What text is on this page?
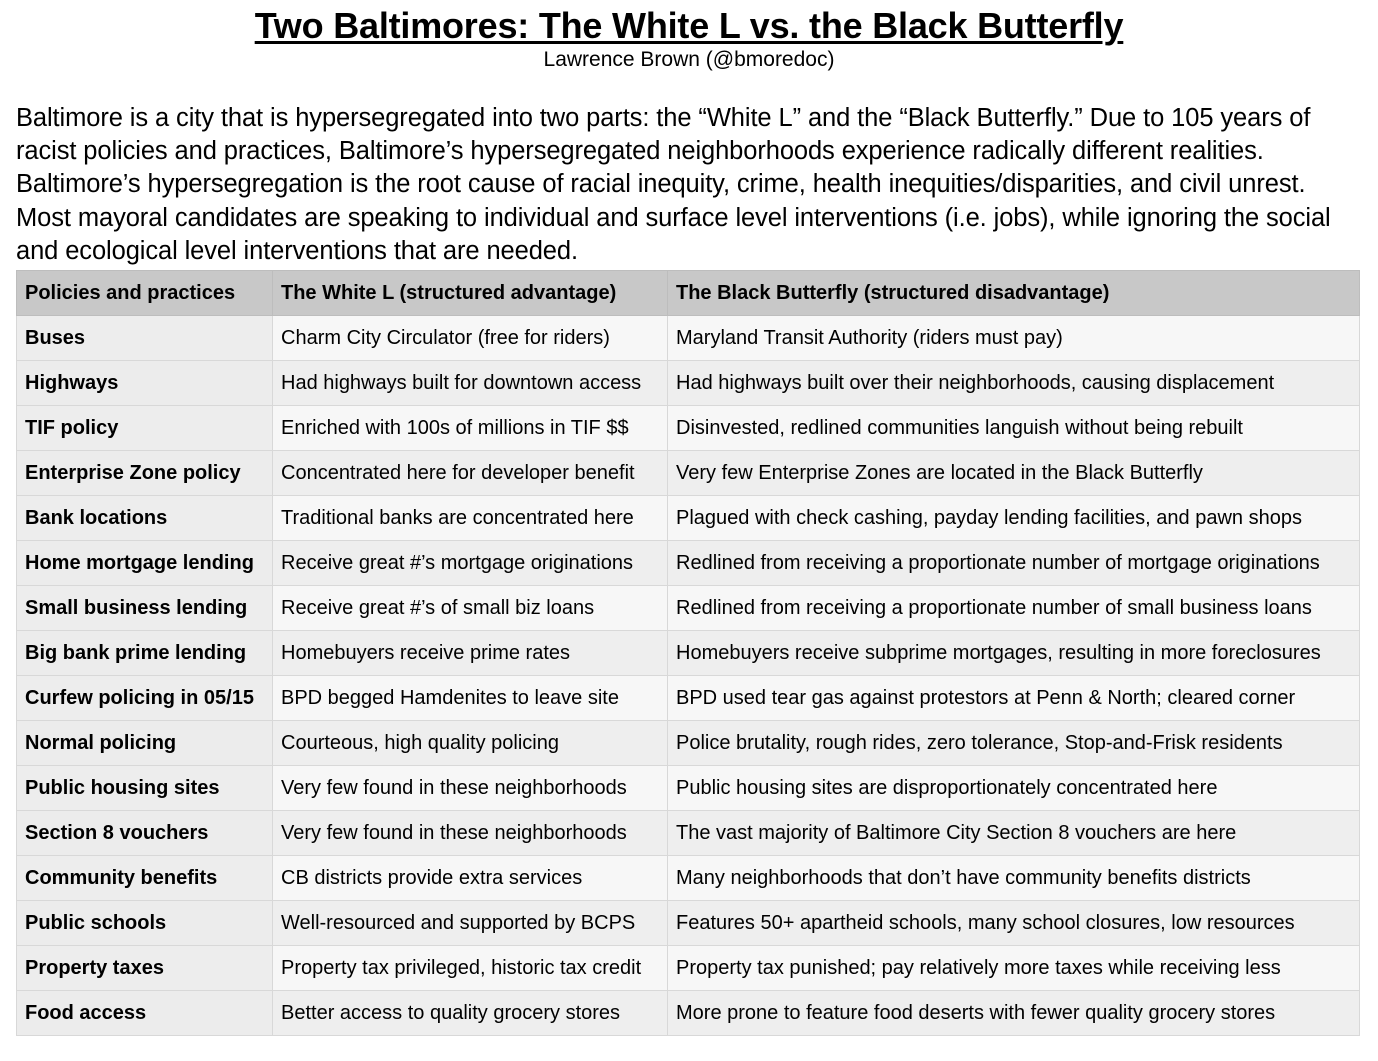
Two Baltimores: The White L vs. the Black Butterfly
Lawrence Brown (@bmoredoc)

Baltimore is a city that is hypersegregated into two parts: the “White L” and the “Black Butterfly.” Due to 105 years of racist policies and practices, Baltimore’s hypersegregated neighborhoods experience radically different realities. Baltimore’s hypersegregation is the root cause of racial inequity, crime, health inequities/disparities, and civil unrest. Most mayoral candidates are speaking to individual and surface level interventions (i.e. jobs), while ignoring the social and ecological level interventions that are needed.

Policies and practices	The White L (structured advantage)	The Black Butterfly (structured disadvantage)
Buses	Charm City Circulator (free for riders)	Maryland Transit Authority (riders must pay)
Highways	Had highways built for downtown access	Had highways built over their neighborhoods, causing displacement
TIF policy	Enriched with 100s of millions in TIF $$	Disinvested, redlined communities languish without being rebuilt
Enterprise Zone policy	Concentrated here for developer benefit	Very few Enterprise Zones are located in the Black Butterfly
Bank locations	Traditional banks are concentrated here	Plagued with check cashing, payday lending facilities, and pawn shops
Home mortgage lending	Receive great #’s mortgage originations	Redlined from receiving a proportionate number of mortgage originations
Small business lending	Receive great #’s of small biz loans	Redlined from receiving a proportionate number of small business loans
Big bank prime lending	Homebuyers receive prime rates	Homebuyers receive subprime mortgages, resulting in more foreclosures
Curfew policing in 05/15	BPD begged Hamdenites to leave site	BPD used tear gas against protestors at Penn & North; cleared corner
Normal policing	Courteous, high quality policing	Police brutality, rough rides, zero tolerance, Stop-and-Frisk residents
Public housing sites	Very few found in these neighborhoods	Public housing sites are disproportionately concentrated here
Section 8 vouchers	Very few found in these neighborhoods	The vast majority of Baltimore City Section 8 vouchers are here
Community benefits	CB districts provide extra services	Many neighborhoods that don’t have community benefits districts
Public schools	Well-resourced and supported by BCPS	Features 50+ apartheid schools, many school closures, low resources
Property taxes	Property tax privileged, historic tax credit	Property tax punished; pay relatively more taxes while receiving less
Food access	Better access to quality grocery stores	More prone to feature food deserts with fewer quality grocery stores
